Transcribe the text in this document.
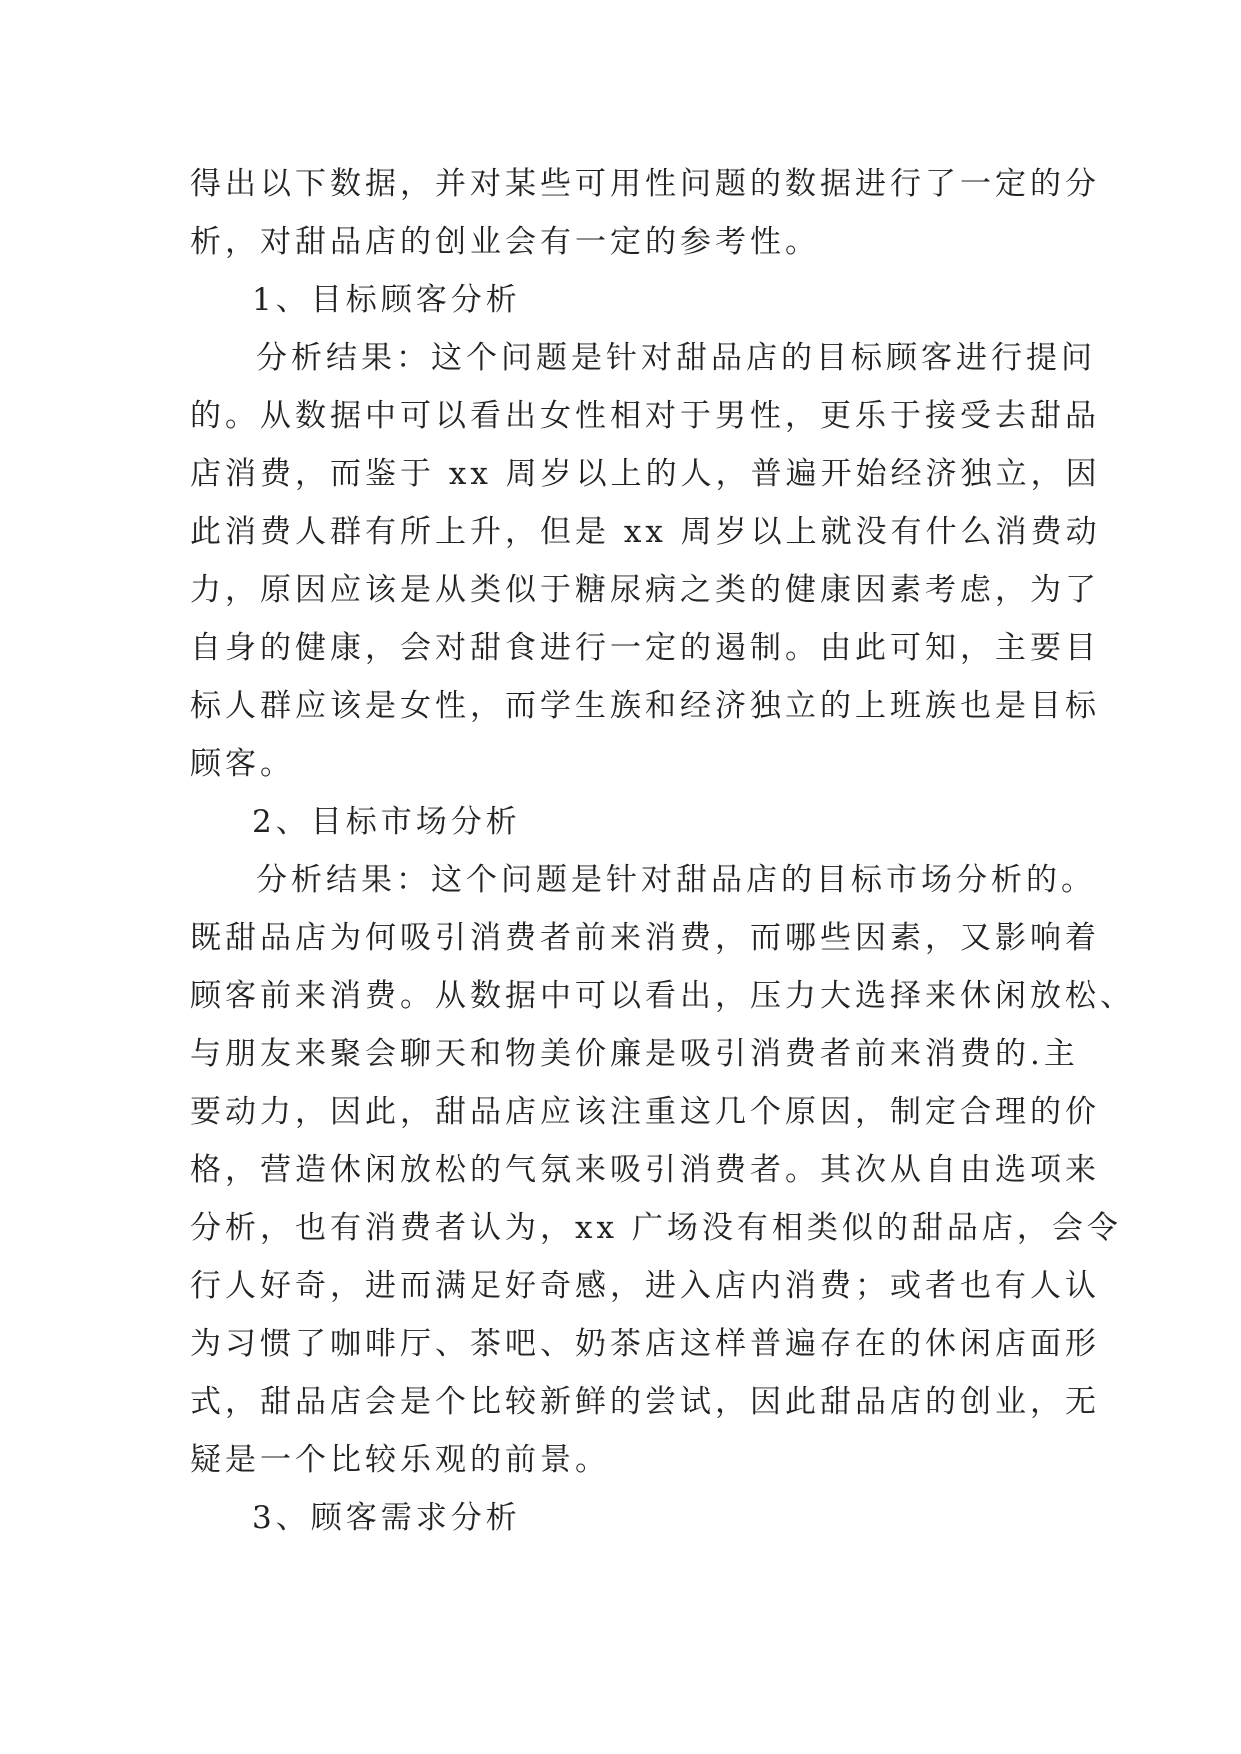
得出以下数据，并对某些可用性问题的数据进行了一定的分
析，对甜品店的创业会有一定的参考性。
1、目标顾客分析
分析结果：这个问题是针对甜品店的目标顾客进行提问
的。从数据中可以看出女性相对于男性，更乐于接受去甜品
店消费，而鉴于 xx 周岁以上的人，普遍开始经济独立，因
此消费人群有所上升，但是 xx 周岁以上就没有什么消费动
力，原因应该是从类似于糖尿病之类的健康因素考虑，为了
自身的健康，会对甜食进行一定的遏制。由此可知，主要目
标人群应该是女性，而学生族和经济独立的上班族也是目标
顾客。
2、目标市场分析
分析结果：这个问题是针对甜品店的目标市场分析的。
既甜品店为何吸引消费者前来消费，而哪些因素，又影响着
顾客前来消费。从数据中可以看出，压力大选择来休闲放松、
与朋友来聚会聊天和物美价廉是吸引消费者前来消费的.主
要动力，因此，甜品店应该注重这几个原因，制定合理的价
格，营造休闲放松的气氛来吸引消费者。其次从自由选项来
分析，也有消费者认为，xx 广场没有相类似的甜品店，会令
行人好奇，进而满足好奇感，进入店内消费；或者也有人认
为习惯了咖啡厅、茶吧、奶茶店这样普遍存在的休闲店面形
式，甜品店会是个比较新鲜的尝试，因此甜品店的创业，无
疑是一个比较乐观的前景。
3、顾客需求分析
